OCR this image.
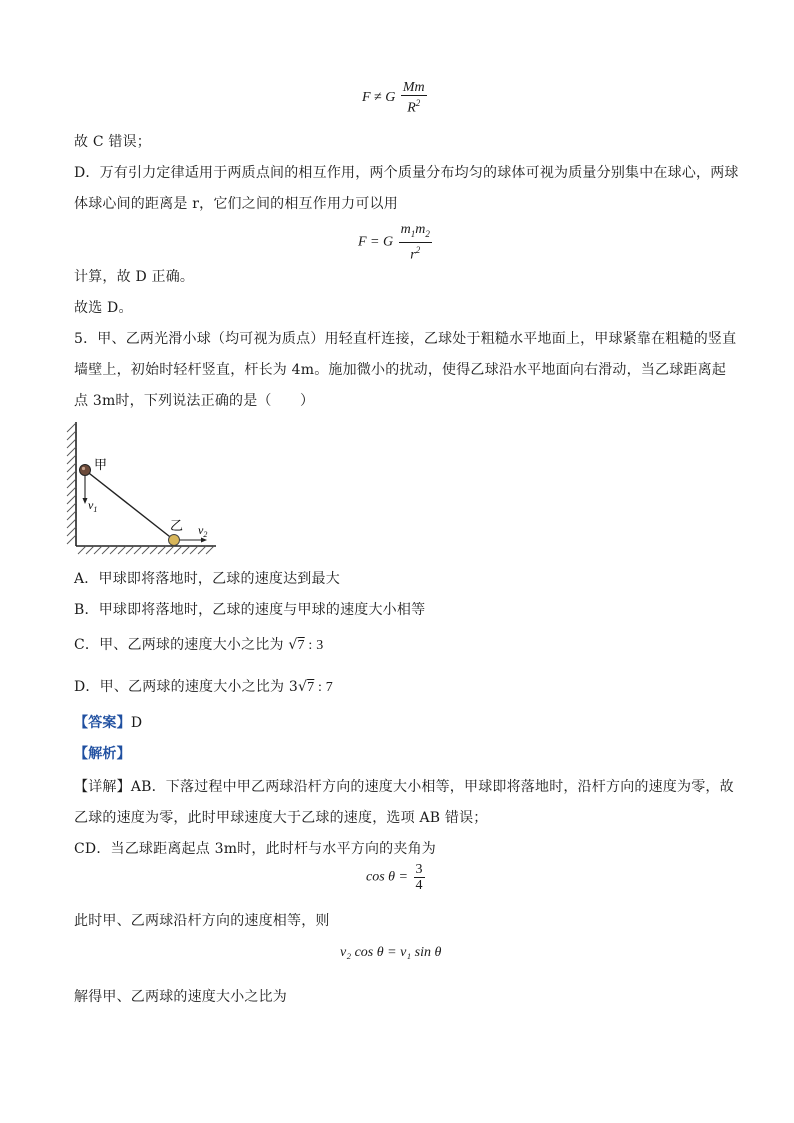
F ≠ G $\frac{Mm}{R^2}$
故 C 错误；
D．万有引力定律适用于两质点间的相互作用，两个质量分布均匀的球体可视为质量分别集中在球心，两球
体球心间的距离是 r，它们之间的相互作用力可以用
F = G $\frac{m_1m_2}{r^2}$
计算，故 D 正确。
故选 D。
5．甲、乙两光滑小球（均可视为质点）用轻直杆连接，乙球处于粗糙水平地面上，甲球紧靠在粗糙的竖直
墙壁上，初始时轻杆竖直，杆长为 4m。施加微小的扰动，使得乙球沿水平地面向右滑动，当乙球距离起
点 3m时，下列说法正确的是（　　）
甲
乙
$v_1$
$v_2$
A．甲球即将落地时，乙球的速度达到最大
B．甲球即将落地时，乙球的速度与甲球的速度大小相等
C．甲、乙两球的速度大小之比为 √7 : 3
D．甲、乙两球的速度大小之比为 3√7 : 7
【答案】D
【解析】
【详解】AB．下落过程中甲乙两球沿杆方向的速度大小相等，甲球即将落地时，沿杆方向的速度为零，故
乙球的速度为零，此时甲球速度大于乙球的速度，选项 AB 错误；
CD．当乙球距离起点 3m时，此时杆与水平方向的夹角为
$\cos \theta = \frac{3}{4}$
此时甲、乙两球沿杆方向的速度相等，则
v₂ cos θ = v₁ sin θ
解得甲、乙两球的速度大小之比为
